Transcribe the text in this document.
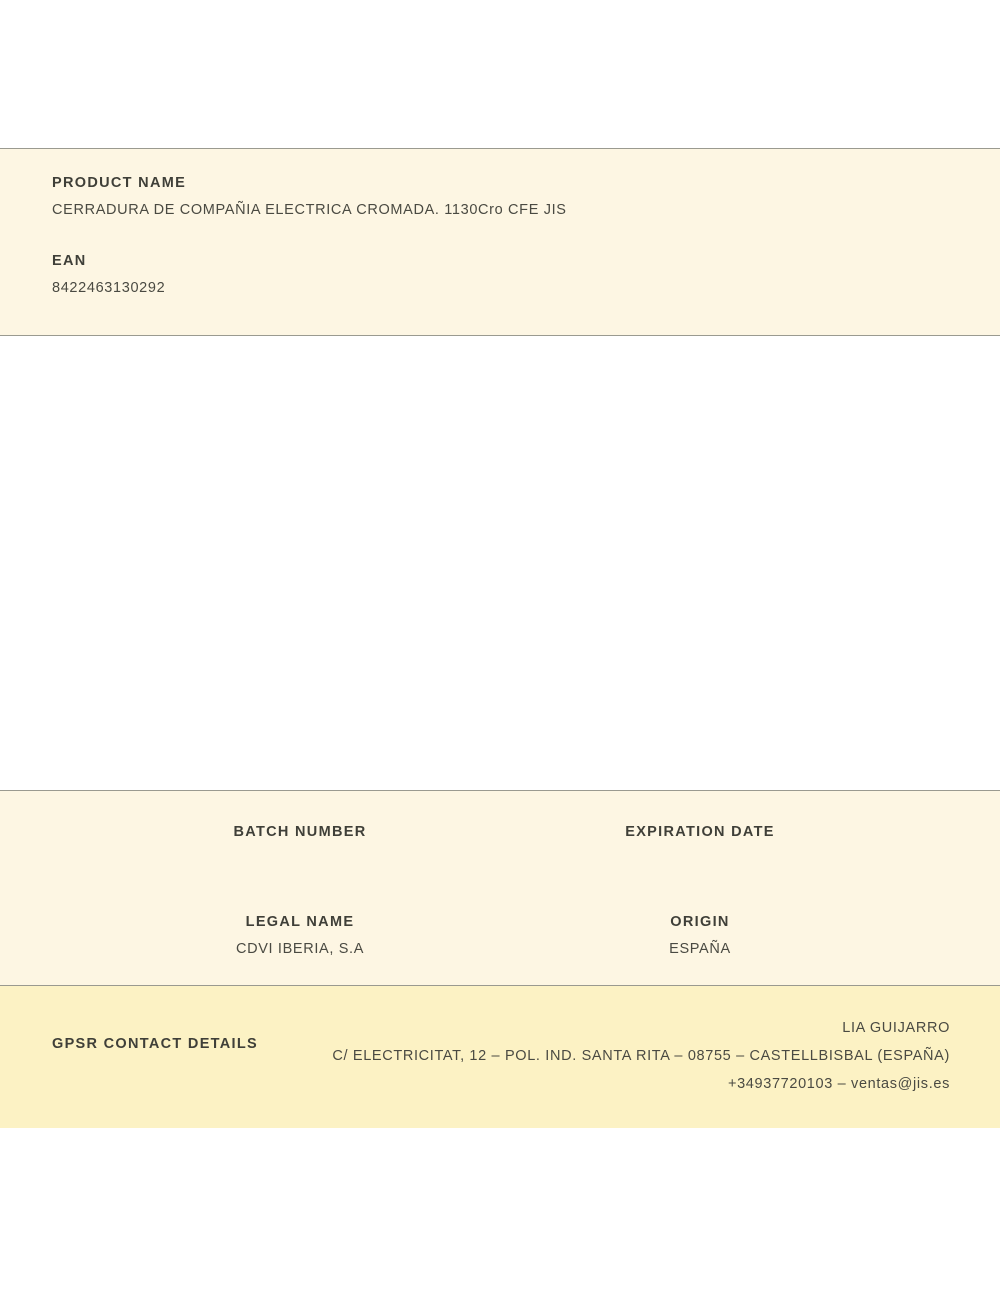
PRODUCT NAME

CERRADURA DE COMPAÑIA ELECTRICA CROMADA. 1130Cro CFE JIS

EAN

8422463130292

BATCH NUMBER	EXPIRATION DATE

LEGAL NAME

CDVI IBERIA, S.A

ORIGIN

ESPAÑA

GPSR CONTACT DETAILS
LIA GUIJARRO
C/ ELECTRICITAT, 12 – POL. IND. SANTA RITA – 08755 – CASTELLBISBAL (ESPAÑA)
+34937720103 – ventas@jis.es
